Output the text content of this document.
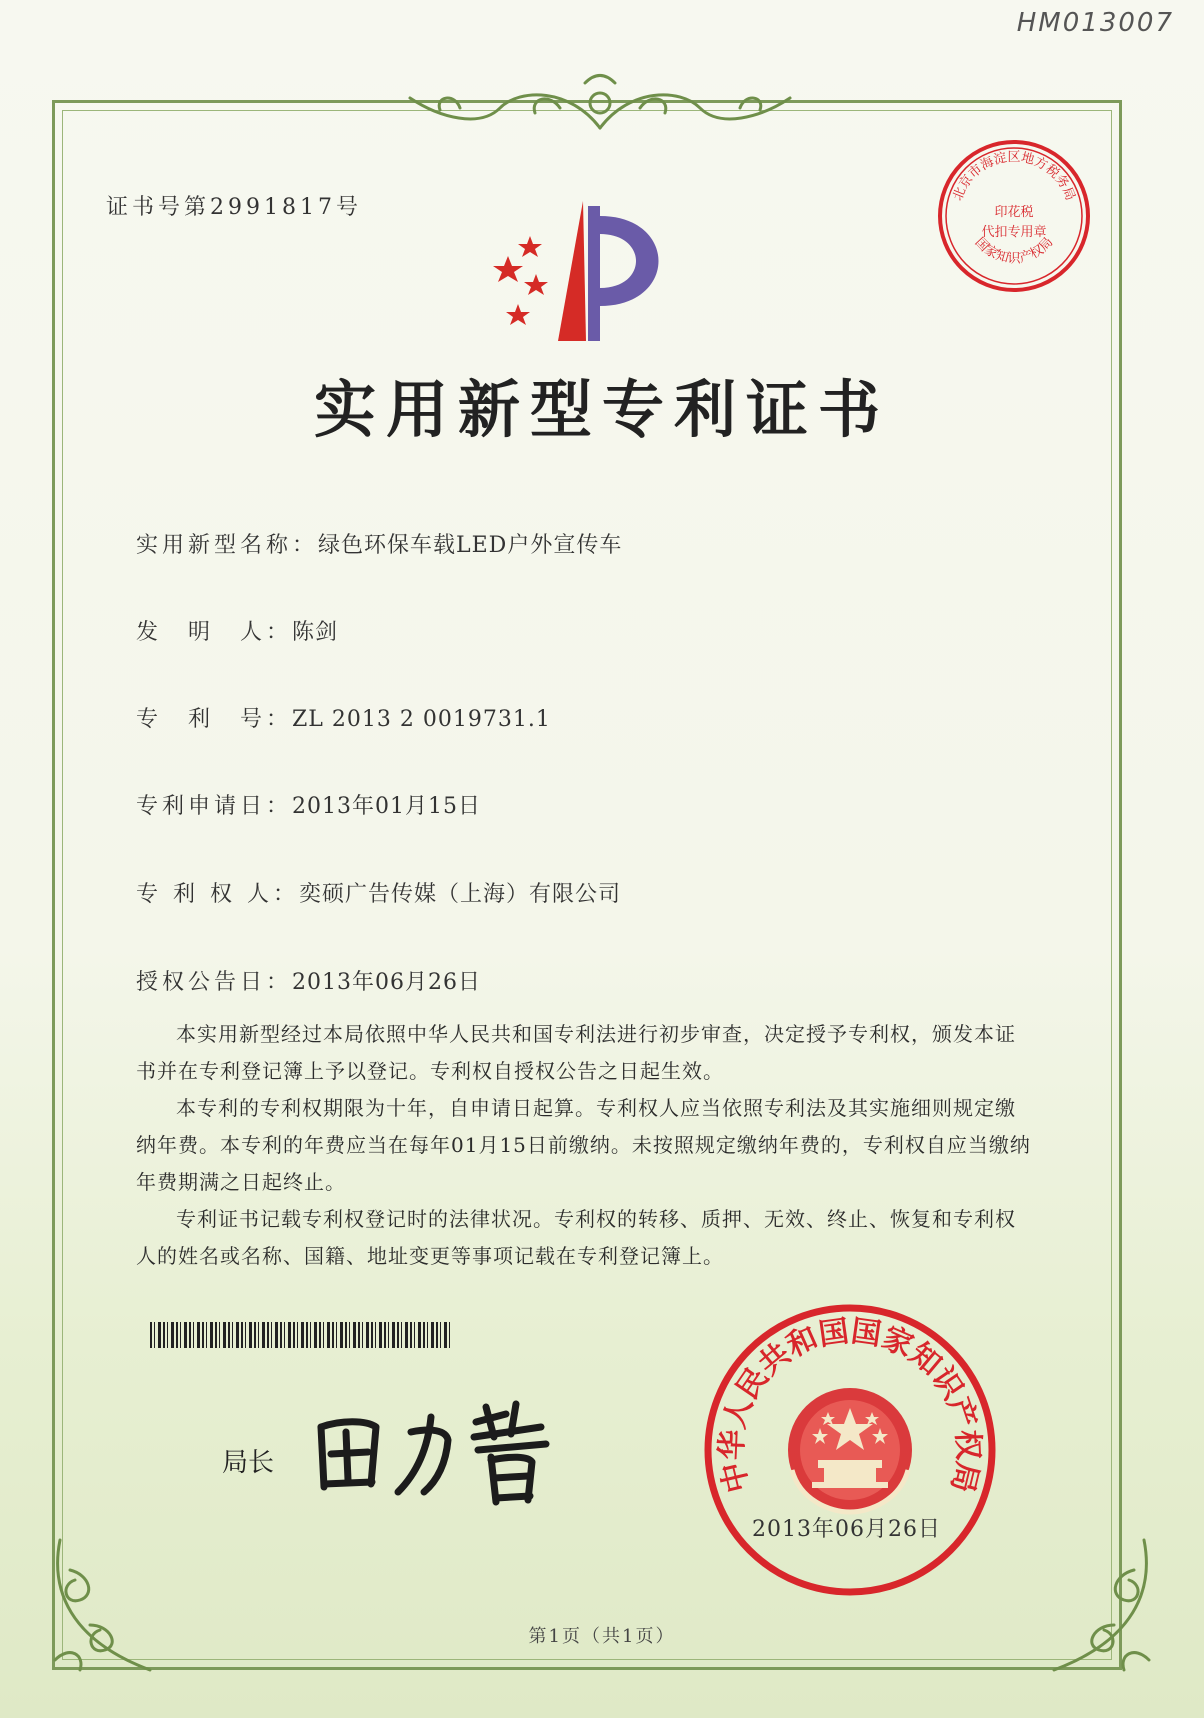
HM013007
证书号第2991817号
北京市海淀区地方税务局
国家知识产权局
印花税
代扣专用章
实用新型专利证书
实用新型名称：绿色环保车载LED户外宣传车
发　明　人：陈剑
专　利　号：ZL 2013 2 0019731.1
专利申请日：2013年01月15日
专 利 权 人：奕硕广告传媒（上海）有限公司
授权公告日：2013年06月26日

本实用新型经过本局依照中华人民共和国专利法进行初步审查，决定授予专利权，颁发本证书并在专利登记簿上予以登记。专利权自授权公告之日起生效。

本专利的专利权期限为十年，自申请日起算。专利权人应当依照专利法及其实施细则规定缴纳年费。本专利的年费应当在每年01月15日前缴纳。未按照规定缴纳年费的，专利权自应当缴纳年费期满之日起终止。

专利证书记载专利权登记时的法律状况。专利权的转移、质押、无效、终止、恢复和专利权人的姓名或名称、国籍、地址变更等事项记载在专利登记簿上。

局长	中华人民共和国国家知识产权局
2013年06月26日
第1页（共1页）
